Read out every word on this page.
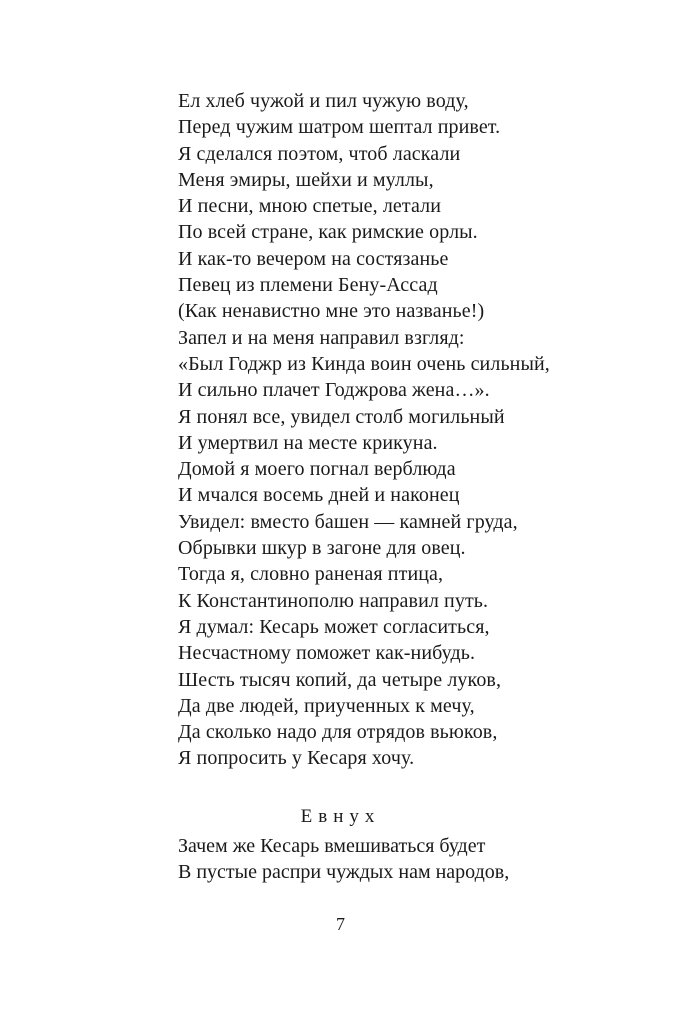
Ел хлеб чужой и пил чужую воду,
Перед чужим шатром шептал привет.
Я сделался поэтом, чтоб ласкали
Меня эмиры, шейхи и муллы,
И песни, мною спетые, летали
По всей стране, как римские орлы.
И как-то вечером на состязанье
Певец из племени Бену-Ассад
(Как ненавистно мне это названье!)
Запел и на меня направил взгляд:
«Был Годжр из Кинда воин очень сильный,
И сильно плачет Годжрова жена…».
Я понял все, увидел столб могильный
И умертвил на месте крикуна.
Домой я моего погнал верблюда
И мчался восемь дней и наконец
Увидел: вместо башен — камней груда,
Обрывки шкур в загоне для овец.
Тогда я, словно раненая птица,
К Константинополю направил путь.
Я думал: Кесарь может согласиться,
Несчастному поможет как-нибудь.
Шесть тысяч копий, да четыре луков,
Да две людей, приученных к мечу,
Да сколько надо для отрядов вьюков,
Я попросить у Кесаря хочу.
Евнух
Зачем же Кесарь вмешиваться будет
В пустые распри чуждых нам народов,
7
